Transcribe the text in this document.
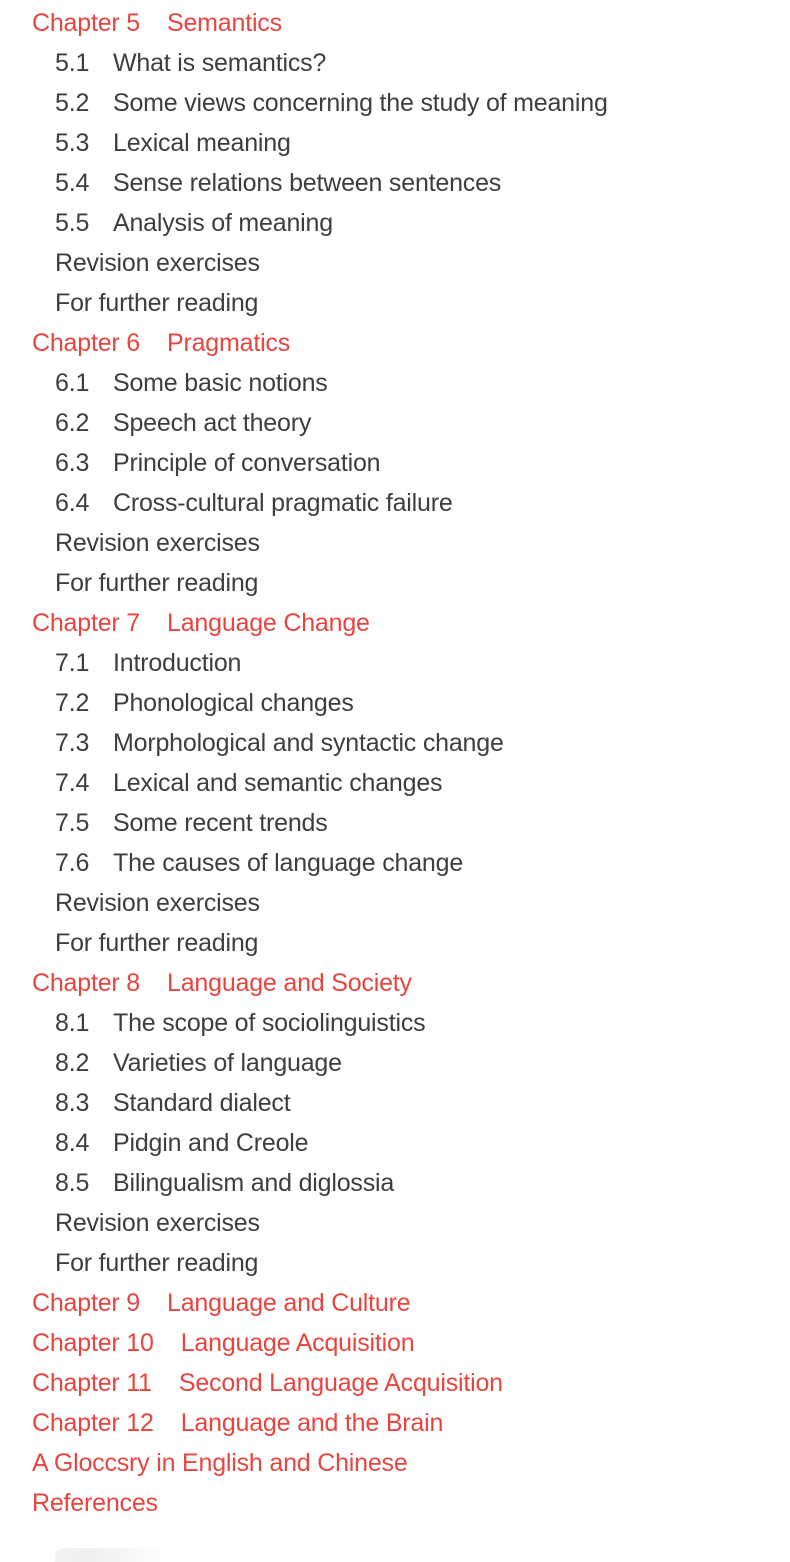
Chapter 5 Semantics
5.1 What is semantics?
5.2 Some views concerning the study of meaning
5.3 Lexical meaning
5.4 Sense relations between sentences
5.5 Analysis of meaning
Revision exercises
For further reading
Chapter 6 Pragmatics
6.1 Some basic notions
6.2 Speech act theory
6.3 Principle of conversation
6.4 Cross-cultural pragmatic failure
Revision exercises
For further reading
Chapter 7 Language Change
7.1 Introduction
7.2 Phonological changes
7.3 Morphological and syntactic change
7.4 Lexical and semantic changes
7.5 Some recent trends
7.6 The causes of language change
Revision exercises
For further reading
Chapter 8 Language and Society
8.1 The scope of sociolinguistics
8.2 Varieties of language
8.3 Standard dialect
8.4 Pidgin and Creole
8.5 Bilingualism and diglossia
Revision exercises
For further reading
Chapter 9 Language and Culture
Chapter 10 Language Acquisition
Chapter 11 Second Language Acquisition
Chapter 12 Language and the Brain
A Gloccsry in English and Chinese
References
